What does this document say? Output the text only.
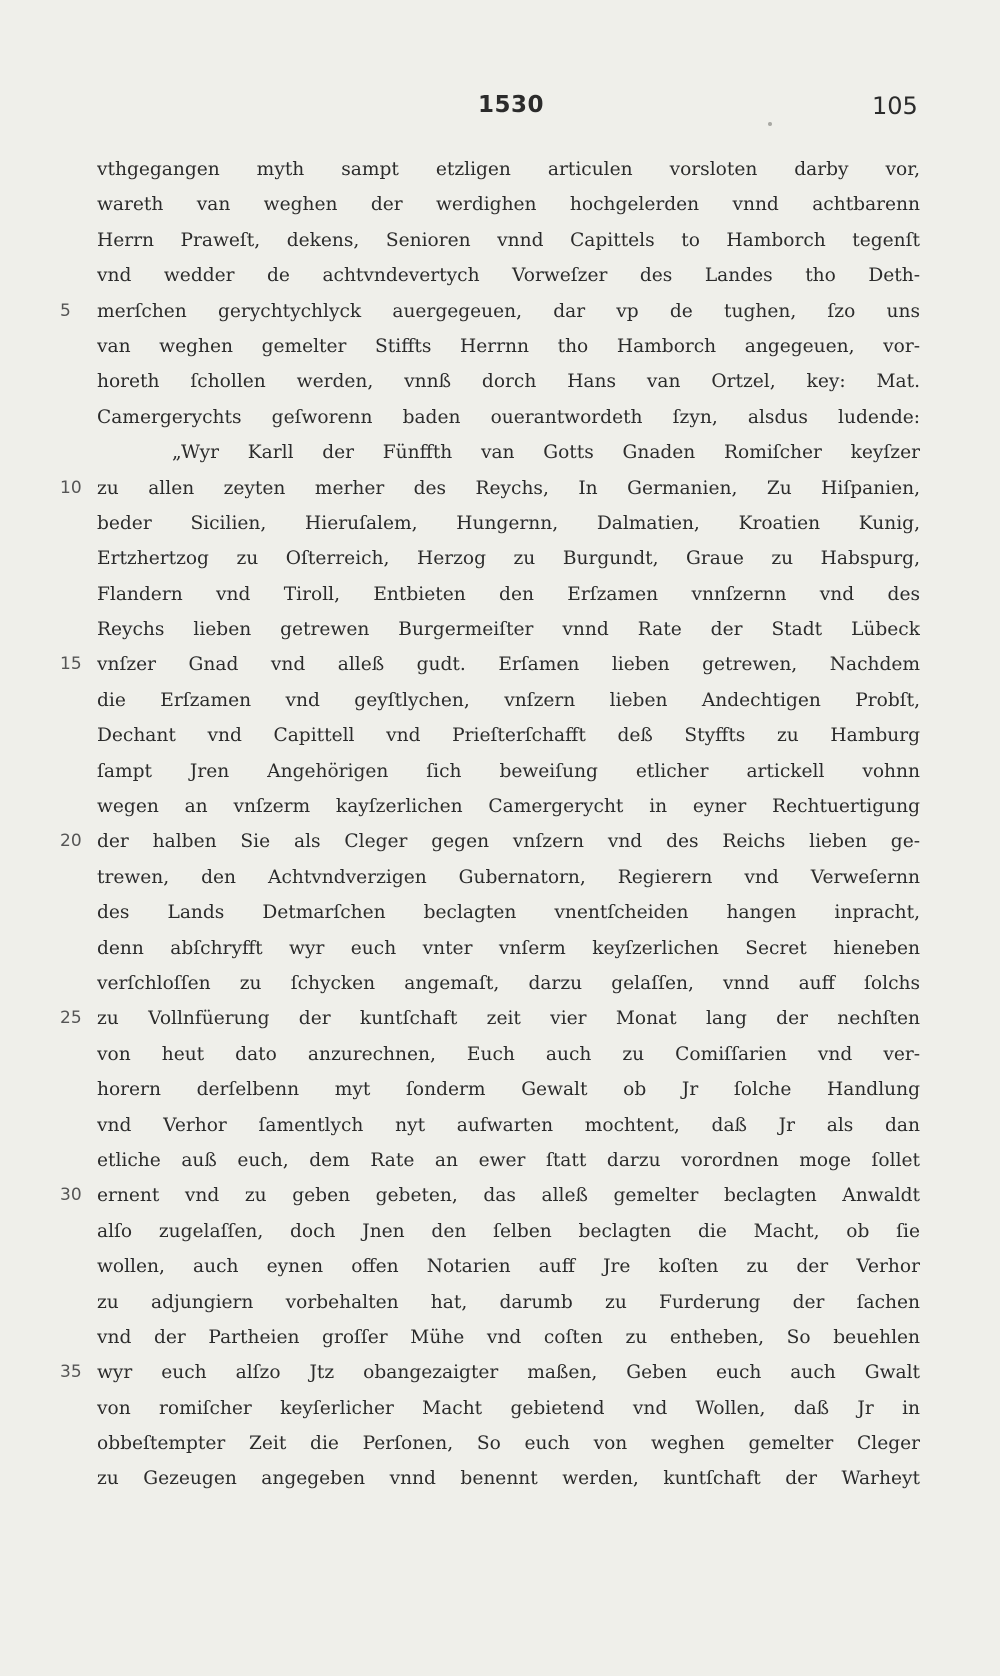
1530	105
vthgegangen myth sampt etzligen articulen vorsloten darby vor,
wareth van weghen der werdighen hochgelerden vnnd achtbarenn
Herrn Praweſt, dekens, Senioren vnnd Capittels to Hamborch tegenſt
vnd wedder de achtvndevertych Vorweſzer des Landes tho Deth-
5	merſchen gerychtychlyck auergegeuen, dar vp de tughen, ſzo uns
van weghen gemelter Stiffts Herrnn tho Hamborch angegeuen, vor-
horeth ſchollen werden, vnnß dorch Hans van Ortzel, key: Mat.
Camergerychts geſworenn baden ouerantwordeth ſzyn, alsdus ludende:
„Wyr Karll der Fünffth van Gotts Gnaden Romiſcher keyſzer
10 zu allen zeyten merher des Reychs, In Germanien, Zu Hiſpanien,
beder Sicilien, Hieruſalem, Hungernn, Dalmatien, Kroatien Kunig,
Ertzhertzog zu Oſterreich, Herzog zu Burgundt, Graue zu Habspurg,
Flandern vnd Tiroll, Entbieten den Erſzamen vnnſzernn vnd des
Reychs lieben getrewen Burgermeiſter vnnd Rate der Stadt Lübeck
15 vnſzer Gnad vnd alleß gudt. Erſamen lieben getrewen, Nachdem
die Erſzamen vnd geyſtlychen, vnſzern lieben Andechtigen Probſt,
Dechant vnd Capittell vnd Prieſterſchafft deß Styffts zu Hamburg
ſampt Jren Angehörigen ſich beweiſung etlicher artickell vohnn
wegen an vnſzerm kayſzerlichen Camergerycht in eyner Rechtuertigung
20 der halben Sie als Cleger gegen vnſzern vnd des Reichs lieben ge-
trewen, den Achtvndverzigen Gubernatorn, Regierern vnd Verweſernn
des Lands Detmarſchen beclagten vnentſcheiden hangen inpracht,
denn abſchryfft wyr euch vnter vnſerm keyſzerlichen Secret hieneben
verſchloſſen zu ſchycken angemaſt, darzu gelaſſen, vnnd auff ſolchs
25 zu Vollnfüerung der kuntſchaft zeit vier Monat lang der nechſten
von heut dato anzurechnen, Euch auch zu Comiſſarien vnd ver-
horern derſelbenn myt ſonderm Gewalt ob Jr ſolche Handlung
vnd Verhor ſamentlych nyt aufwarten mochtent, daß Jr als dan
etliche auß euch, dem Rate an ewer ſtatt darzu vorordnen moge ſollet
30 ernent vnd zu geben gebeten, das alleß gemelter beclagten Anwaldt
alſo zugelaſſen, doch Jnen den ſelben beclagten die Macht, ob ſie
wollen, auch eynen offen Notarien auff Jre koſten zu der Verhor
zu adjungiern vorbehalten hat, darumb zu Furderung der ſachen
vnd der Partheien groſſer Mühe vnd coſten zu entheben, So beuehlen
35 wyr euch alſzo Jtz obangezaigter maßen, Geben euch auch Gwalt
von romiſcher keyſerlicher Macht gebietend vnd Wollen, daß Jr in
obbeſtempter Zeit die Perſonen, So euch von weghen gemelter Cleger
zu Gezeugen angegeben vnnd benennt werden, kuntſchaft der Warheyt
